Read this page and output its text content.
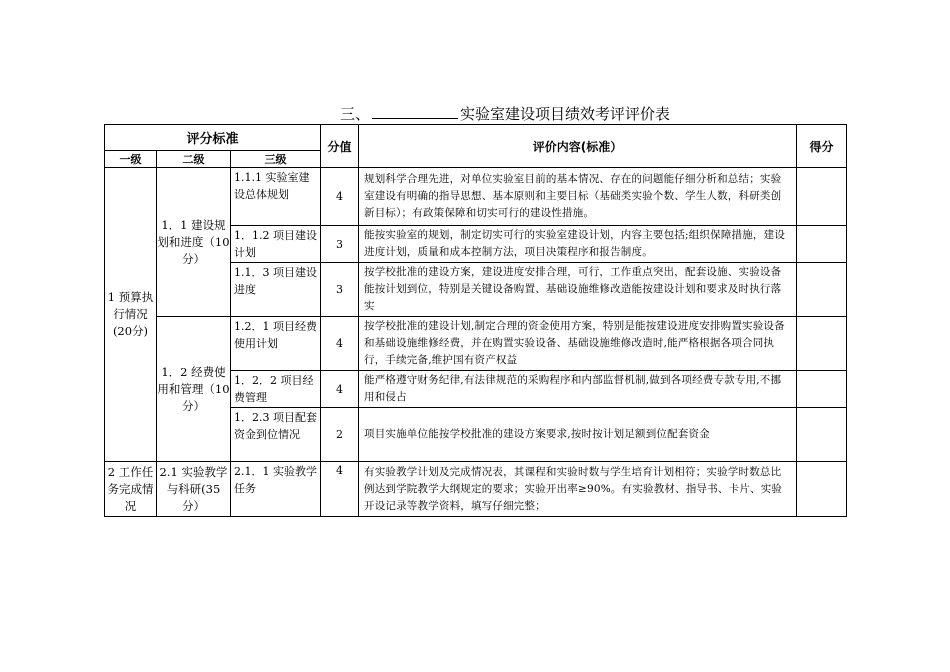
三、	实验室建设项目绩效考评评价表
评分标准			分值	评价内容(标准）	得分
一级	二级	三级			
1 预算执行情况(20分)	1．1 建设规划和进度（10分）	1.1.1 实验室建设总体规划	4	规划科学合理先进，对单位实验室目前的基本情况、存在的问题能仔细分析和总结；实验室建设有明确的指导思想、基本原则和主要目标（基础类实验个数、学生人数，科研类创新目标）；有政策保障和切实可行的建设性措施。	
		1．1.2 项目建设计划	3	能按实验室的规划，制定切实可行的实验室建设计划，内容主要包括;组织保障措施，建设进度计划，质量和成本控制方法，项目决策程序和报告制度。	
		1.1．3 项目建设进度	3	按学校批准的建设方案，建设进度安排合理，可行，工作重点突出，配套设施、实验设备能按计划到位，特别是关键设备购置、基础设施维修改造能按建设计划和要求及时执行落实	
	1．2 经费使用和管理（10分）	1.2．1 项目经费使用计划	4	按学校批准的建设计划,制定合理的资金使用方案，特别是能按建设进度安排购置实验设备和基础设施维修经费，并在购置实验设备、基础设施维修改造时,能严格根据各项合同执行，手续完备,维护国有资产权益	
		1．2．2 项目经费管理	4	能严格遵守财务纪律,有法律规范的采购程序和内部监督机制,做到各项经费专款专用,不挪用和侵占	
		1．2.3 项目配套资金到位情况	2	项目实施单位能按学校批准的建设方案要求,按时按计划足额到位配套资金	
2 工作任务完成情况	2.1 实验教学与科研(35 分）	2.1．1 实验教学任务	4	有实验教学计划及完成情况表，其课程和实验时数与学生培育计划相符；实验学时数总比例达到学院教学大纲规定的要求；实验开出率≥90%。有实验教材、指导书、卡片、实验开设记录等教学资料，填写仔细完整；	
